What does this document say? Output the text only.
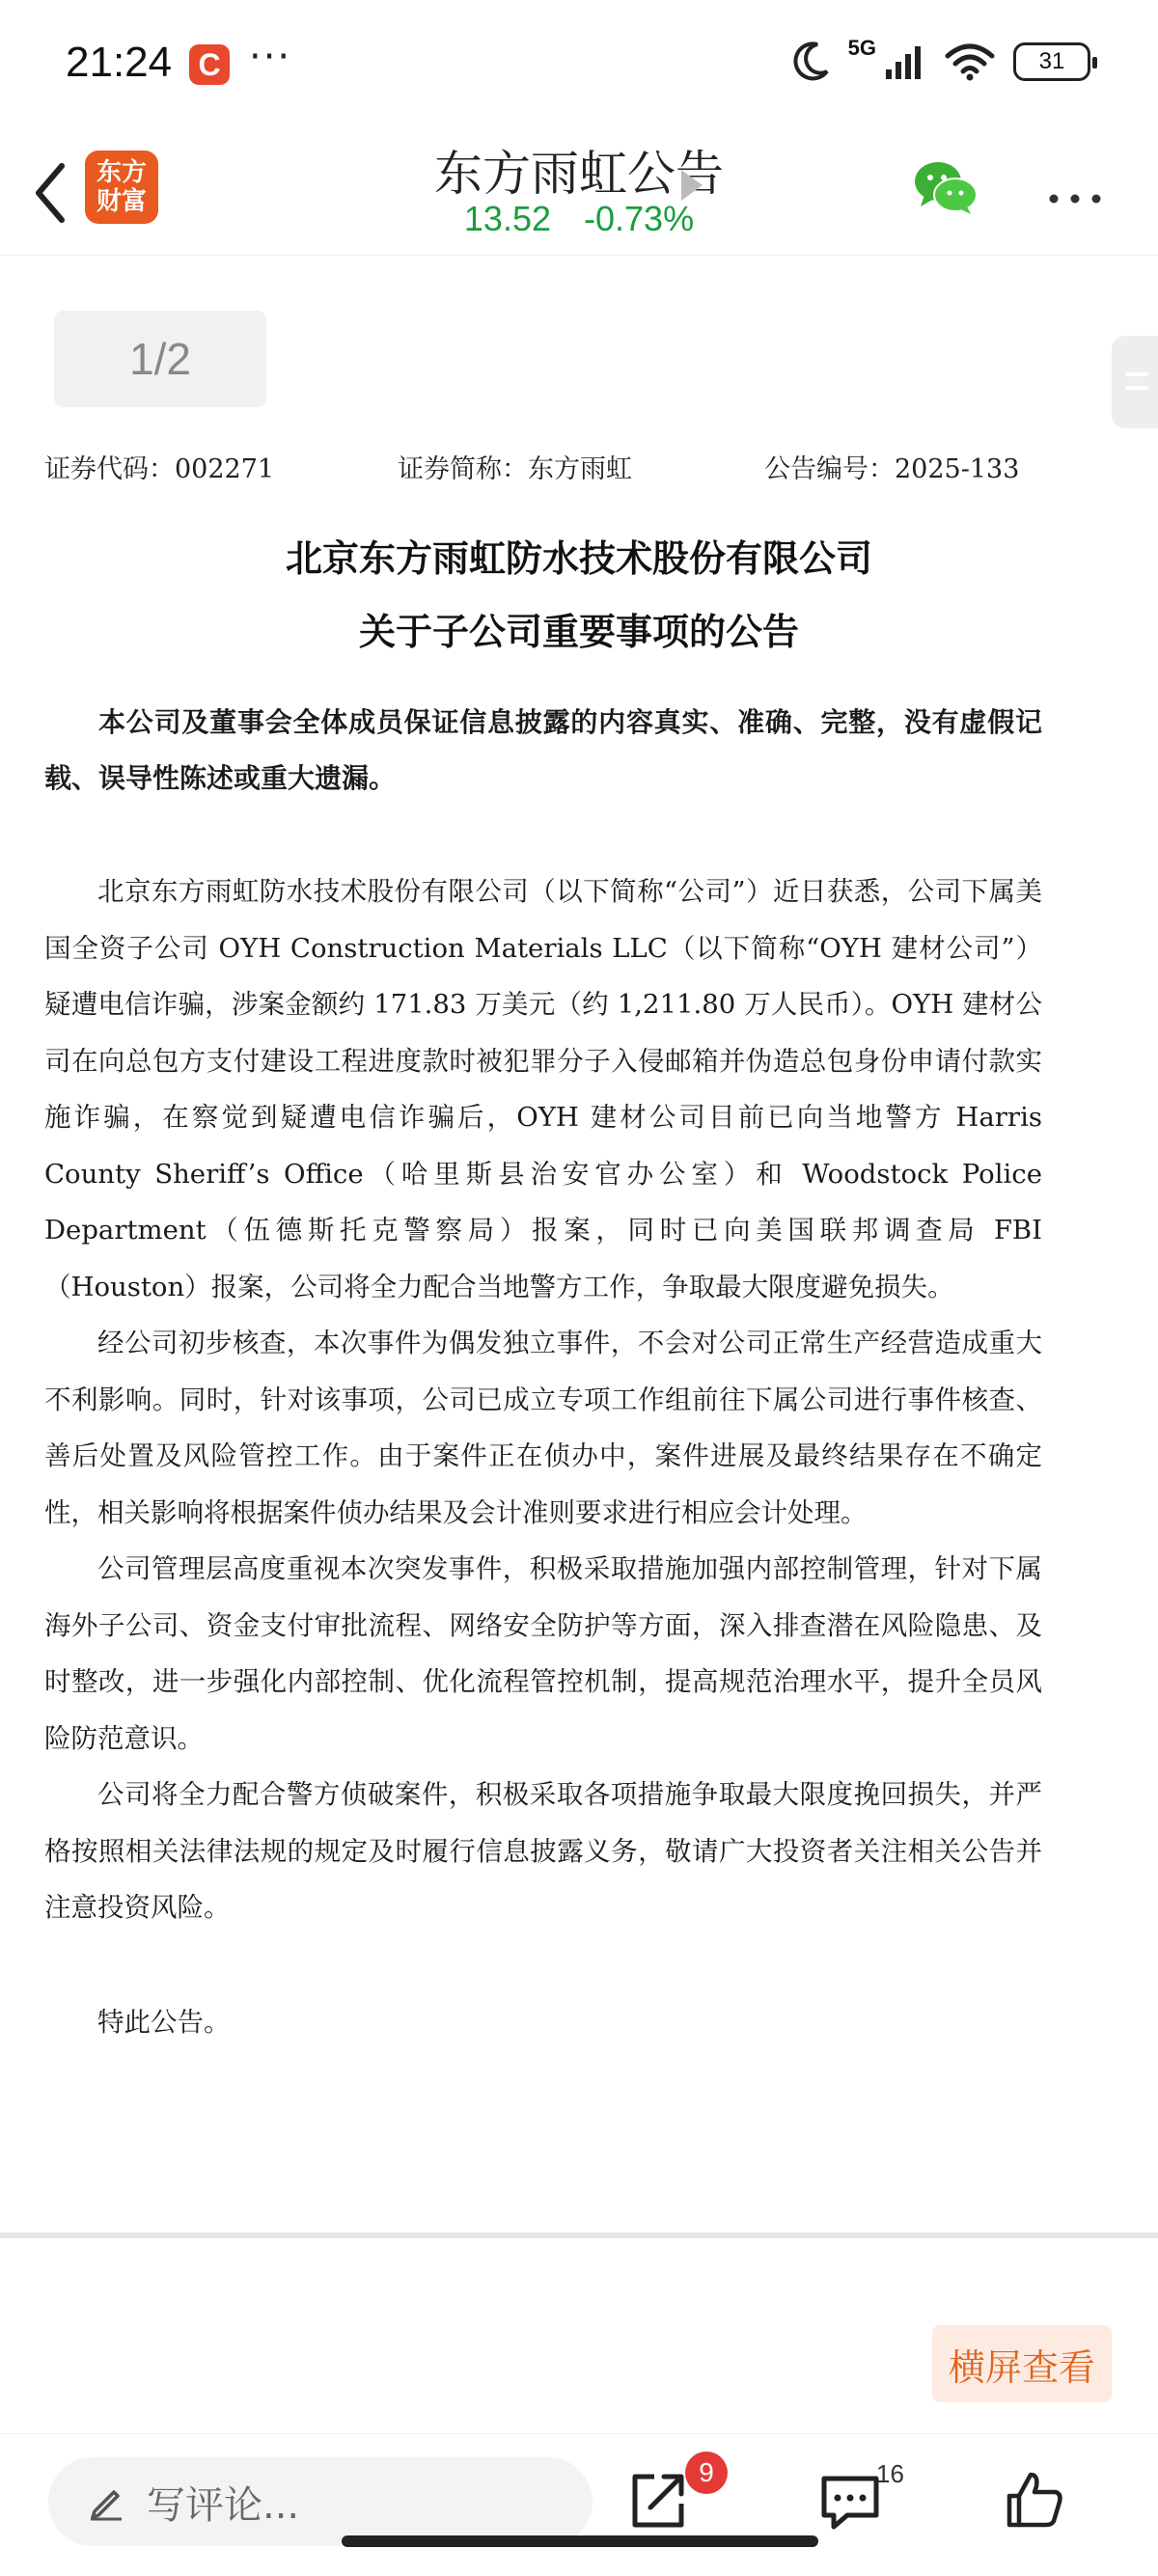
21:24 C ···	5G
31
东方
财富	东方雨虹公告
13.52 -0.73%
1/2
证券代码：002271	证券简称：东方雨虹	公告编号：2025-133
北京东方雨虹防水技术股份有限公司
关于子公司重要事项的公告

本公司及董事会全体成员保证信息披露的内容真实、准确、完整，没有虚假记载、误导性陈述或重大遗漏。

北京东方雨虹防水技术股份有限公司（以下简称“公司”）近日获悉，公司下属美国全资子公司 OYH Construction Materials LLC（以下简称“OYH 建材公司”）疑遭电信诈骗，涉案金额约 171.83 万美元（约 1,211.80 万人民币）。OYH 建材公司在向总包方支付建设工程进度款时被犯罪分子入侵邮箱并伪造总包身份申请付款实施诈骗，在察觉到疑遭电信诈骗后，OYH 建材公司目前已向当地警方 Harris County Sheriff’s Office（哈里斯县治安官办公室）和 Woodstock Police Department（伍德斯托克警察局）报案，同时已向美国联邦调查局 FBI（Houston）报案，公司将全力配合当地警方工作，争取最大限度避免损失。

经公司初步核查，本次事件为偶发独立事件，不会对公司正常生产经营造成重大不利影响。同时，针对该事项，公司已成立专项工作组前往下属公司进行事件核查、善后处置及风险管控工作。由于案件正在侦办中，案件进展及最终结果存在不确定性，相关影响将根据案件侦办结果及会计准则要求进行相应会计处理。

公司管理层高度重视本次突发事件，积极采取措施加强内部控制管理，针对下属海外子公司、资金支付审批流程、网络安全防护等方面，深入排查潜在风险隐患、及时整改，进一步强化内部控制、优化流程管控机制，提高规范治理水平，提升全员风险防范意识。

公司将全力配合警方侦破案件，积极采取各项措施争取最大限度挽回损失，并严格按照相关法律法规的规定及时履行信息披露义务，敬请广大投资者关注相关公告并注意投资风险。

特此公告。

横屏查看
写评论...
9	16
